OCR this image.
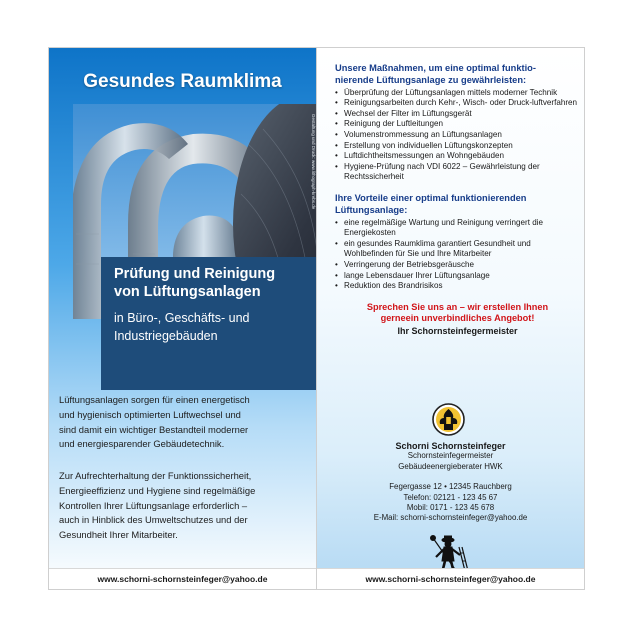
Gesundes Raumklima
Gestaltung und Druck: www.lithograph-krebs.de
Prüfung und Reinigung
von Lüftungsanlagen
in Büro-, Geschäfts- und
Industriegebäuden
Lüftungsanlagen sorgen für einen energetisch
und hygienisch optimierten Luftwechsel und
sind damit ein wichtiger Bestandteil moderner
und energiesparender Gebäudetechnik.
Zur Aufrechterhaltung der Funktionssicherheit,
Energieeffizienz und Hygiene sind regelmäßige
Kontrollen Ihrer Lüftungsanlage erforderlich –
auch in Hinblick des Umweltschutzes und der
Gesundheit Ihrer Mitarbeiter.
www.schorni-schornsteinfeger@yahoo.de
Unsere Maßnahmen, um eine optimal funktio-
nierende Lüftungsanlage zu gewährleisten:
• Überprüfung der Lüftungsanlagen mittels moderner Technik
• Reinigungsarbeiten durch Kehr-, Wisch- oder Druck-luftverfahren
• Wechsel der Filter im Lüftungsgerät
• Reinigung der Luftleitungen
• Volumenstrommessung an Lüftungsanlagen
• Erstellung von individuellen Lüftungskonzepten
• Luftdichtheitsmessungen an Wohngebäuden
• Hygiene-Prüfung nach VDI 6022 – Gewährleistung der Rechtssicherheit
Ihre Vorteile einer optimal funktionierenden
Lüftungsanlage:
• eine regelmäßige Wartung und Reinigung verringert die Energiekosten
• ein gesundes Raumklima garantiert Gesundheit und Wohlbefinden für Sie und Ihre Mitarbeiter
• Verringerung der Betriebsgeräusche
• lange Lebensdauer Ihrer Lüftungsanlage
• Reduktion des Brandrisikos
Sprechen Sie uns an – wir erstellen Ihnen
gerneein unverbindliches Angebot!
Ihr Schornsteinfegermeister
Schorni Schornsteinfeger
Schornsteinfegermeister
Gebäudeenergieberater HWK
Fegergasse 12 • 12345 Rauchberg
Telefon: 02121 - 123 45 67
Mobil: 0171 - 123 45 678
E-Mail: schorni-schornsteinfeger@yahoo.de
www.schorni-schornsteinfeger@yahoo.de
